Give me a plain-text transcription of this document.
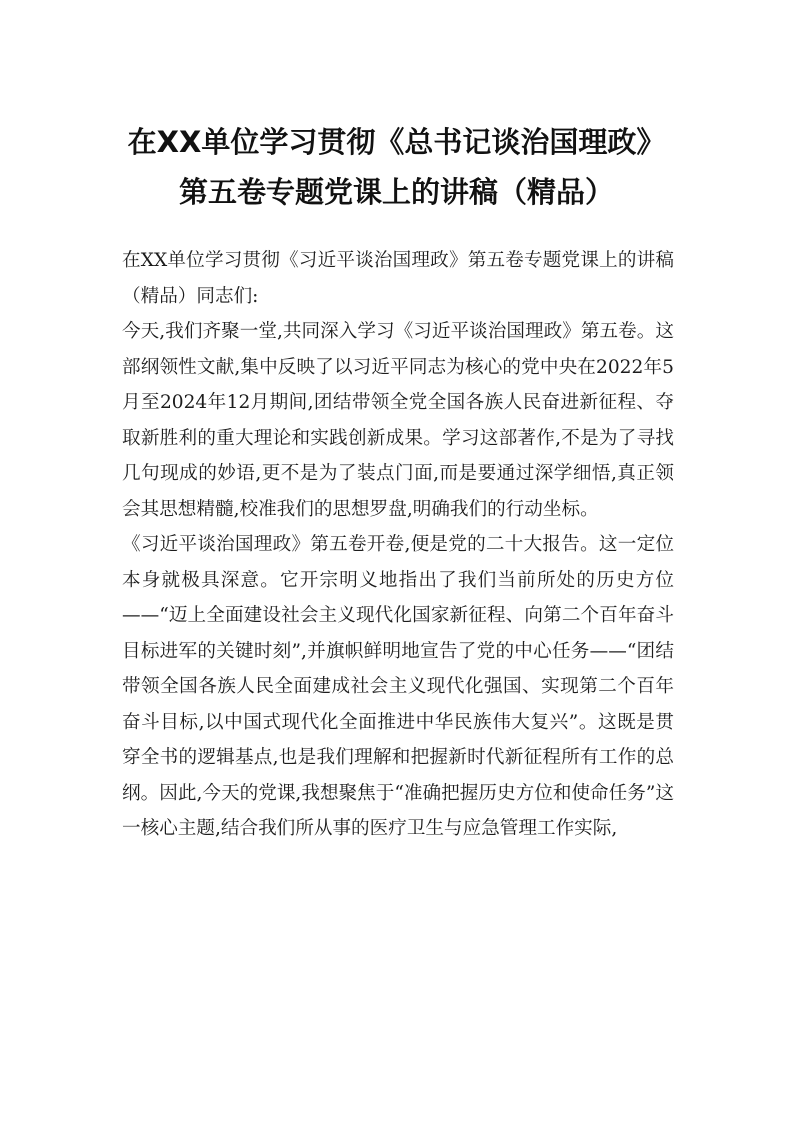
在XX单位学习贯彻《总书记谈治国理政》
第五卷专题党课上的讲稿（精品）

在XX单位学习贯彻《习近平谈治国理政》第五卷专题党课上的讲稿（精品）同志们:

今天,我们齐聚一堂,共同深入学习《习近平谈治国理政》第五卷。这部纲领性文献,集中反映了以习近平同志为核心的党中央在2022年5月至2024年12月期间,团结带领全党全国各族人民奋进新征程、夺取新胜利的重大理论和实践创新成果。学习这部著作,不是为了寻找几句现成的妙语,更不是为了装点门面,而是要通过深学细悟,真正领会其思想精髓,校准我们的思想罗盘,明确我们的行动坐标。

《习近平谈治国理政》第五卷开卷,便是党的二十大报告。这一定位本身就极具深意。它开宗明义地指出了我们当前所处的历史方位——“迈上全面建设社会主义现代化国家新征程、向第二个百年奋斗目标进军的关键时刻”,并旗帜鲜明地宣告了党的中心任务——“团结带领全国各族人民全面建成社会主义现代化强国、实现第二个百年奋斗目标,以中国式现代化全面推进中华民族伟大复兴”。这既是贯穿全书的逻辑基点,也是我们理解和把握新时代新征程所有工作的总纲。因此,今天的党课,我想聚焦于“准确把握历史方位和使命任务”这一核心主题,结合我们所从事的医疗卫生与应急管理工作实际,
